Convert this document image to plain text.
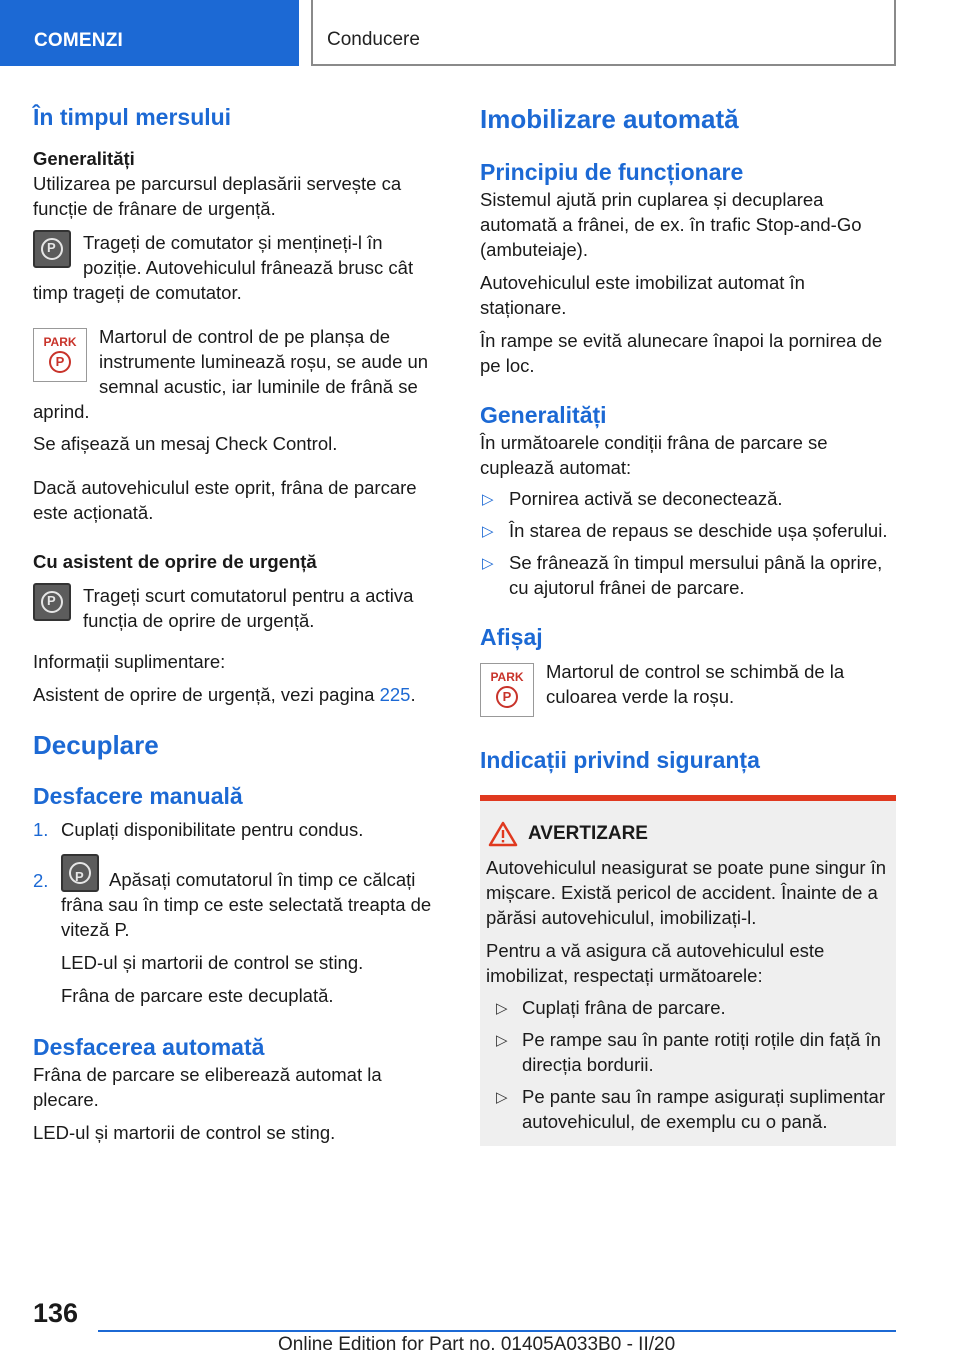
COMENZI	Conducere
În timpul mersului
Generalități

Utilizarea pe parcursul deplasării servește ca funcție de frânare de urgență.

P

Trageți de comutator și mențineți-l în poziție. Autovehiculul frânează brusc cât timp trageți de comutator.

PARK
P

Martorul de control de pe planșa de instrumente luminează roșu, se aude un semnal acustic, iar luminile de frână se aprind.

Se afișează un mesaj Check Control.

Dacă autovehiculul este oprit, frâna de parcare este acționată.

Cu asistent de oprire de urgență
P

Trageți scurt comutatorul pentru a activa funcția de oprire de urgență.

Informații suplimentare:

Asistent de oprire de urgență, vezi pagina 225.

Decuplare
Desfacere manuală
1. Cuplați disponibilitate pentru condus.
2.
P	Apăsați comutatorul în timp ce călcați frâna sau în timp ce este selectată treapta de viteză P.
LED-ul și martorii de control se sting.
Frâna de parcare este decuplată.
Desfacerea automată

Frâna de parcare se eliberează automat la plecare.

LED-ul și martorii de control se sting.

Imobilizare automată
Principiu de funcționare

Sistemul ajută prin cuplarea și decuplarea automată a frânei, de ex. în trafic Stop-and-Go (ambuteiaje).

Autovehiculul este imobilizat automat în staționare.

În rampe se evită alunecare înapoi la pornirea de pe loc.

Generalități

În următoarele condiții frâna de parcare se cuplează automat:

▷ Pornirea activă se deconectează.
▷ În starea de repaus se deschide ușa șoferului.
▷ Se frânează în timpul mersului până la oprire, cu ajutorul frânei de parcare.
Afișaj
PARK
P

Martorul de control se schimbă de la culoarea verde la roșu.

Indicații privind siguranța
AVERTIZARE

Autovehiculul neasigurat se poate pune singur în mișcare. Există pericol de accident. Înainte de a părăsi autovehiculul, imobilizați-l.

Pentru a vă asigura că autovehiculul este imobilizat, respectați următoarele:

▷ Cuplați frâna de parcare.
▷ Pe rampe sau în pante rotiți roțile din față în direcția bordurii.
▷ Pe pante sau în rampe asigurați suplimentar autovehiculul, de exemplu cu o pană.
136
Online Edition for Part no. 01405A033B0 - II/20
